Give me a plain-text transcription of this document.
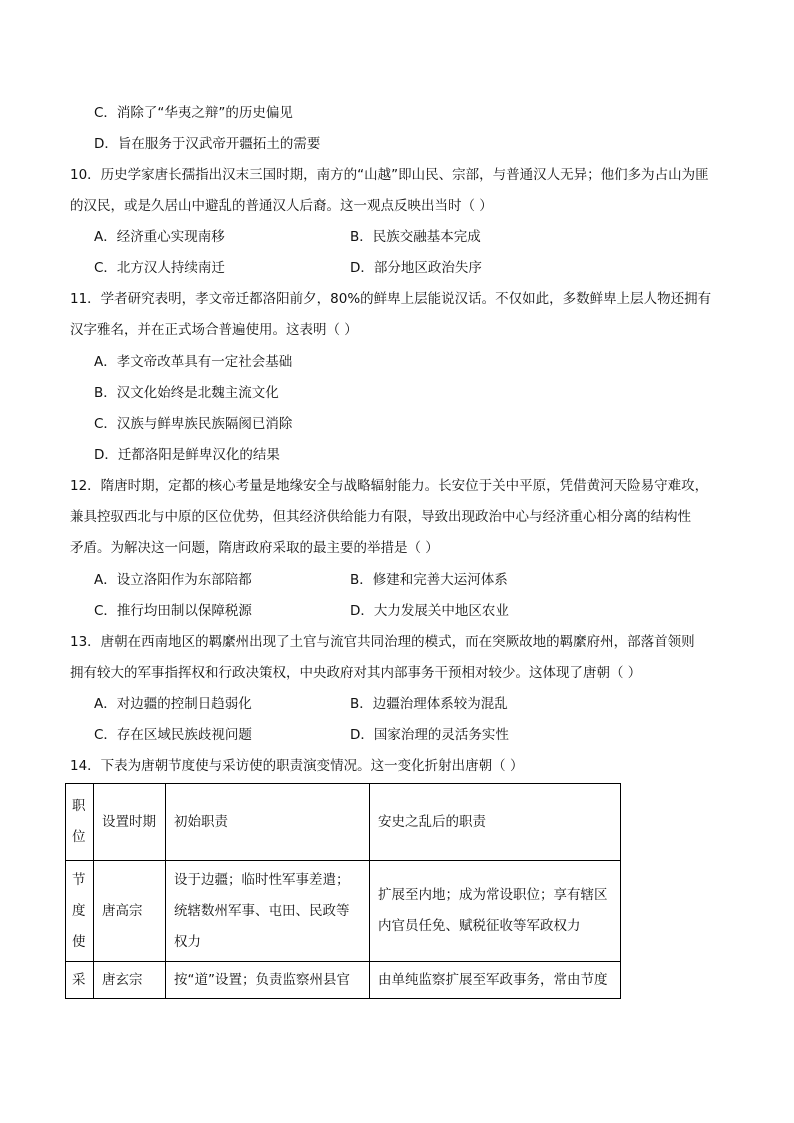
C．消除了“华夷之辩”的历史偏见
D．旨在服务于汉武帝开疆拓土的需要
10．历史学家唐长孺指出汉末三国时期，南方的“山越”即山民、宗部，与普通汉人无异；他们多为占山为匪
的汉民，或是久居山中避乱的普通汉人后裔。这一观点反映出当时（ ）
A．经济重心实现南移	B．民族交融基本完成
C．北方汉人持续南迁	D．部分地区政治失序
11．学者研究表明，孝文帝迁都洛阳前夕，80%的鲜卑上层能说汉话。不仅如此，多数鲜卑上层人物还拥有
汉字雅名，并在正式场合普遍使用。这表明（ ）
A．孝文帝改革具有一定社会基础
B．汉文化始终是北魏主流文化
C．汉族与鲜卑族民族隔阂已消除
D．迁都洛阳是鲜卑汉化的结果
12．隋唐时期，定都的核心考量是地缘安全与战略辐射能力。长安位于关中平原，凭借黄河天险易守难攻，
兼具控驭西北与中原的区位优势，但其经济供给能力有限，导致出现政治中心与经济重心相分离的结构性
矛盾。为解决这一问题，隋唐政府采取的最主要的举措是（ ）
A．设立洛阳作为东部陪都	B．修建和完善大运河体系
C．推行均田制以保障税源	D．大力发展关中地区农业
13．唐朝在西南地区的羁縻州出现了土官与流官共同治理的模式，而在突厥故地的羁縻府州，部落首领则
拥有较大的军事指挥权和行政决策权，中央政府对其内部事务干预相对较少。这体现了唐朝（ ）
A．对边疆的控制日趋弱化	B．边疆治理体系较为混乱
C．存在区域民族歧视问题	D．国家治理的灵活务实性
14．下表为唐朝节度使与采访使的职责演变情况。这一变化折射出唐朝（ ）
职位	设置时期	初始职责	安史之乱后的职责
节度使	唐高宗	设于边疆；临时性军事差遣；统辖数州军事、屯田、民政等权力	扩展至内地；成为常设职位；享有辖区内官员任免、赋税征收等军政权力
采	唐玄宗	按“道”设置；负责监察州县官	由单纯监察扩展至军政事务，常由节度
